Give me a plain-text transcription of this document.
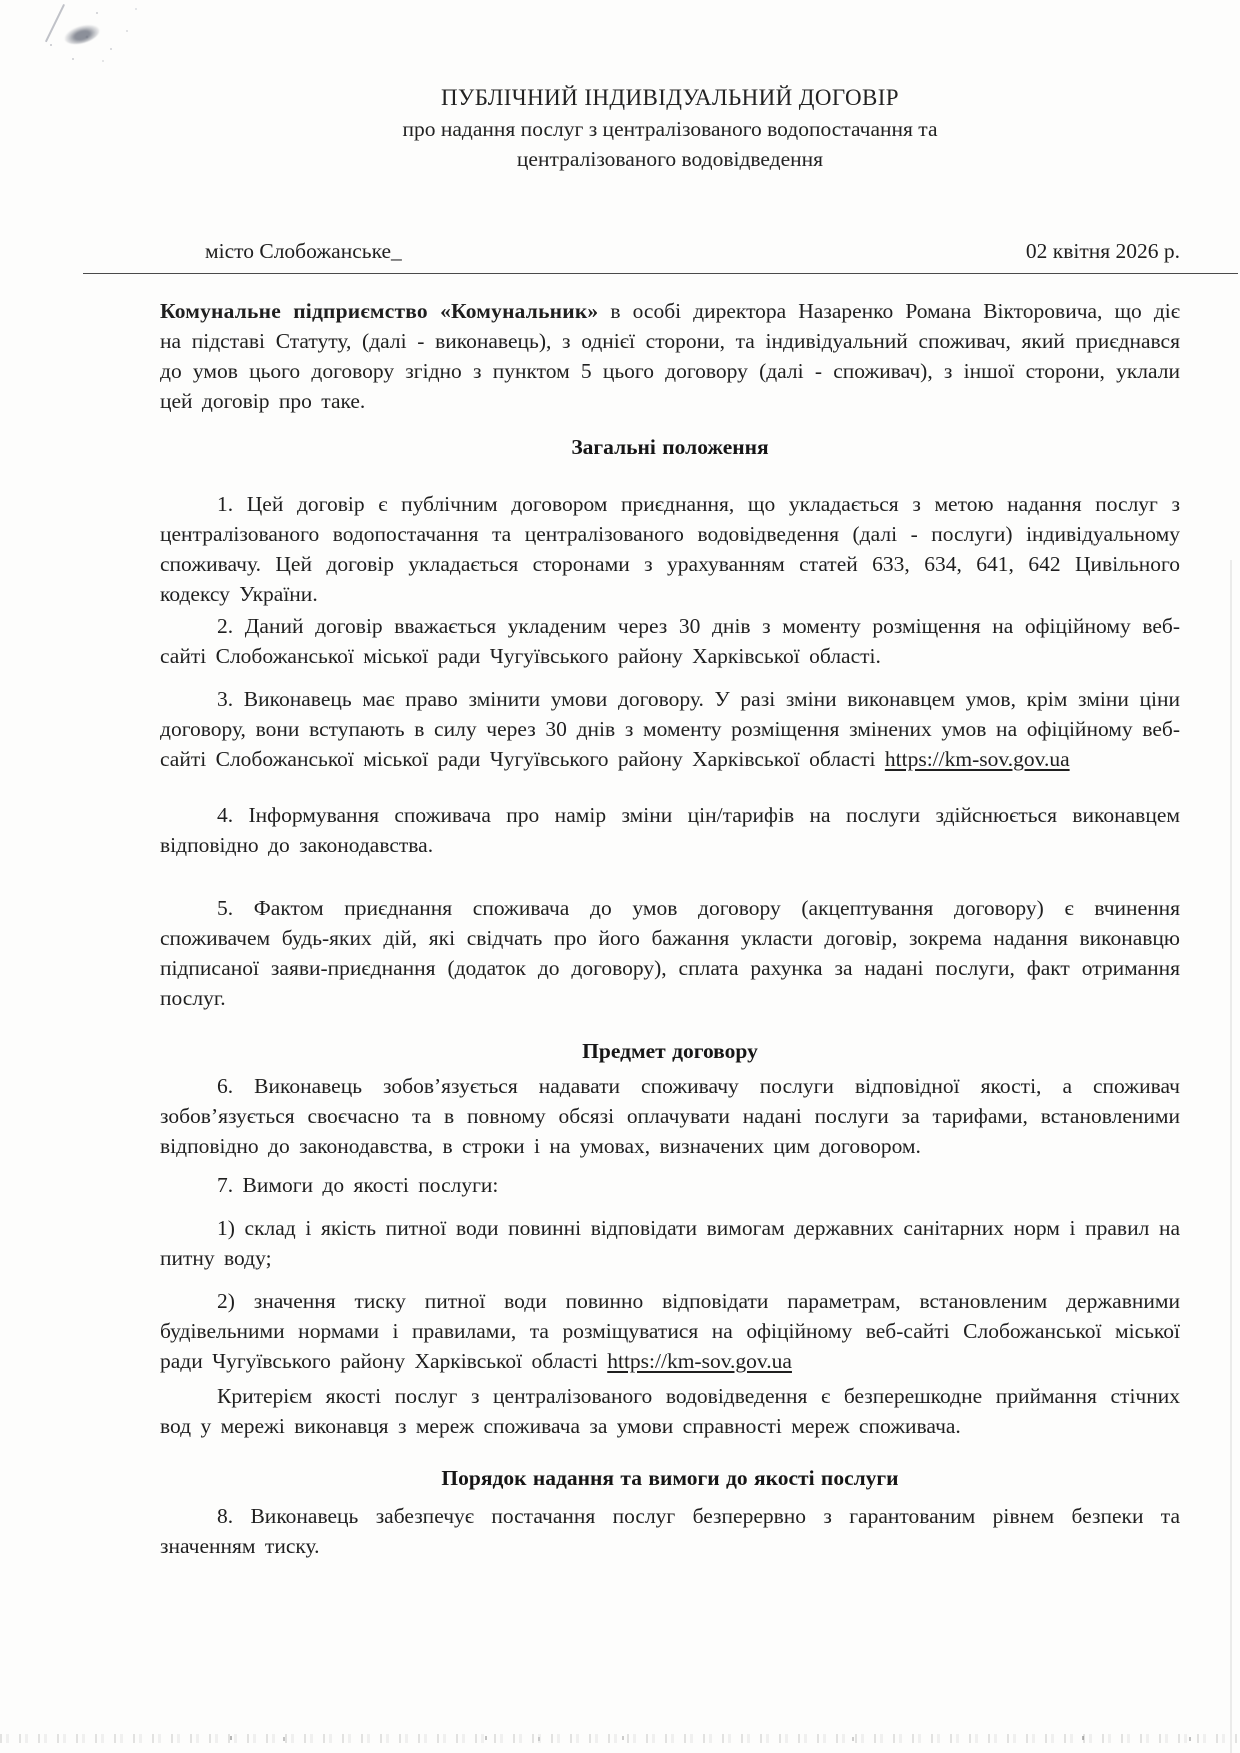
ПУБЛІЧНИЙ ІНДИВІДУАЛЬНИЙ ДОГОВІР
про надання послуг з централізованого водопостачання та
централізованого водовідведення
місто Слобожанське_	02 квітня 2026 р.

Комунальне підприємство «Комунальник» в особі директора Назаренко Романа Вікторовича, що діє на підставі Статуту, (далі - виконавець), з однієї сторони, та індивідуальний споживач, який приєднався до умов цього договору згідно з пунктом 5 цього договору (далі - споживач), з іншої сторони, уклали цей договір про таке.

Загальні положення

1. Цей договір є публічним договором приєднання, що укладається з метою надання послуг з централізованого водопостачання та централізованого водовідведення (далі - послуги) індивідуальному споживачу. Цей договір укладається сторонами з урахуванням статей 633, 634, 641, 642 Цивільного кодексу України.

2. Даний договір вважається укладеним через 30 днів з моменту розміщення на офіційному веб-сайті Слобожанської міської ради Чугуївського району Харківської області.

3. Виконавець має право змінити умови договору. У разі зміни виконавцем умов, крім зміни ціни договору, вони вступають в силу через 30 днів з моменту розміщення змінених умов на офіційному веб-сайті Слобожанської міської ради Чугуївського району Харківської області https://km-sov.gov.ua

4. Інформування споживача про намір зміни цін/тарифів на послуги здійснюється виконавцем відповідно до законодавства.

5. Фактом приєднання споживача до умов договору (акцептування договору) є вчинення споживачем будь-яких дій, які свідчать про його бажання укласти договір, зокрема надання виконавцю підписаної заяви-приєднання (додаток до договору), сплата рахунка за надані послуги, факт отримання послуг.

Предмет договору

6. Виконавець зобов’язується надавати споживачу послуги відповідної якості, а споживач зобов’язується своєчасно та в повному обсязі оплачувати надані послуги за тарифами, встановленими відповідно до законодавства, в строки і на умовах, визначених цим договором.

7. Вимоги до якості послуги:

1) склад і якість питної води повинні відповідати вимогам державних санітарних норм і правил на питну воду;

2) значення тиску питної води повинно відповідати параметрам, встановленим державними будівельними нормами і правилами, та розміщуватися на офіційному веб-сайті Слобожанської міської ради Чугуївського району Харківської області https://km-sov.gov.ua

Критерієм якості послуг з централізованого водовідведення є безперешкодне приймання стічних вод у мережі виконавця з мереж споживача за умови справності мереж споживача.

Порядок надання та вимоги до якості послуги

8. Виконавець забезпечує постачання послуг безперервно з гарантованим рівнем безпеки та значенням тиску.
